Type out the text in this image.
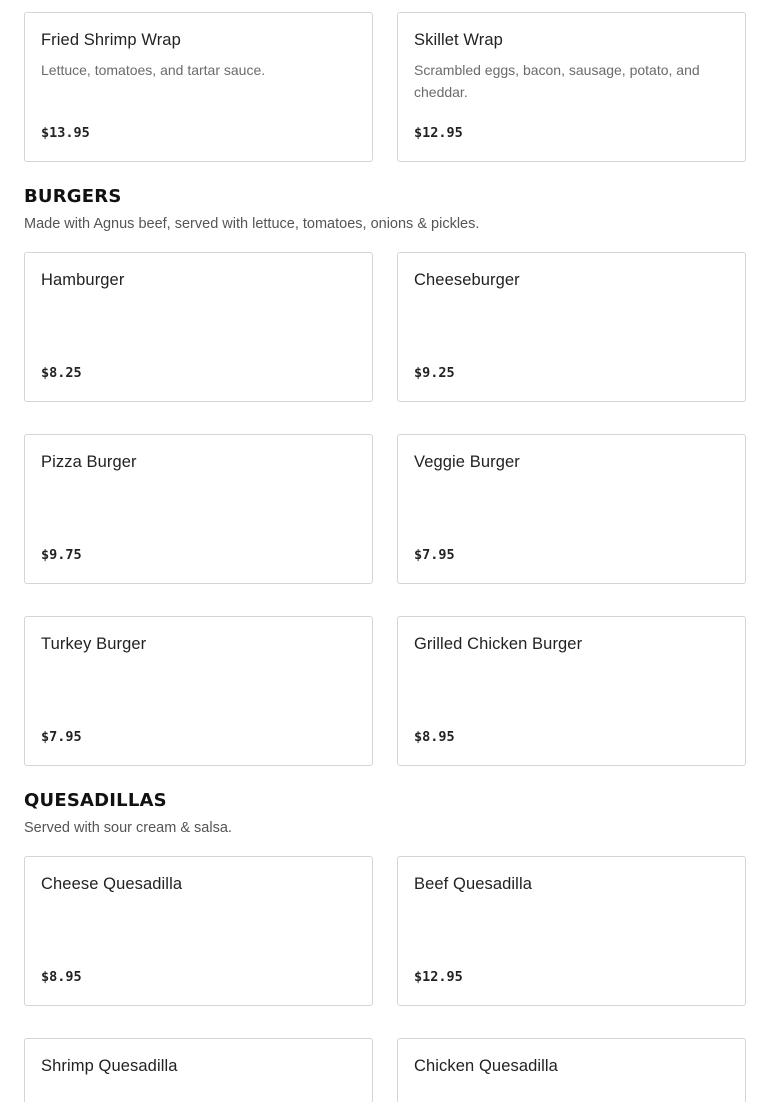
Fried Shrimp Wrap
Lettuce, tomatoes, and tartar sauce.
$13.95
Skillet Wrap
Scrambled eggs, bacon, sausage, potato, and cheddar.
$12.95
BURGERS

Made with Agnus beef, served with lettuce, tomatoes, onions & pickles.

Hamburger
$8.25
Cheeseburger
$9.25
Pizza Burger
$9.75
Veggie Burger
$7.95
Turkey Burger
$7.95
Grilled Chicken Burger
$8.95
QUESADILLAS

Served with sour cream & salsa.

Cheese Quesadilla
$8.95
Beef Quesadilla
$12.95
Shrimp Quesadilla	Chicken Quesadilla
